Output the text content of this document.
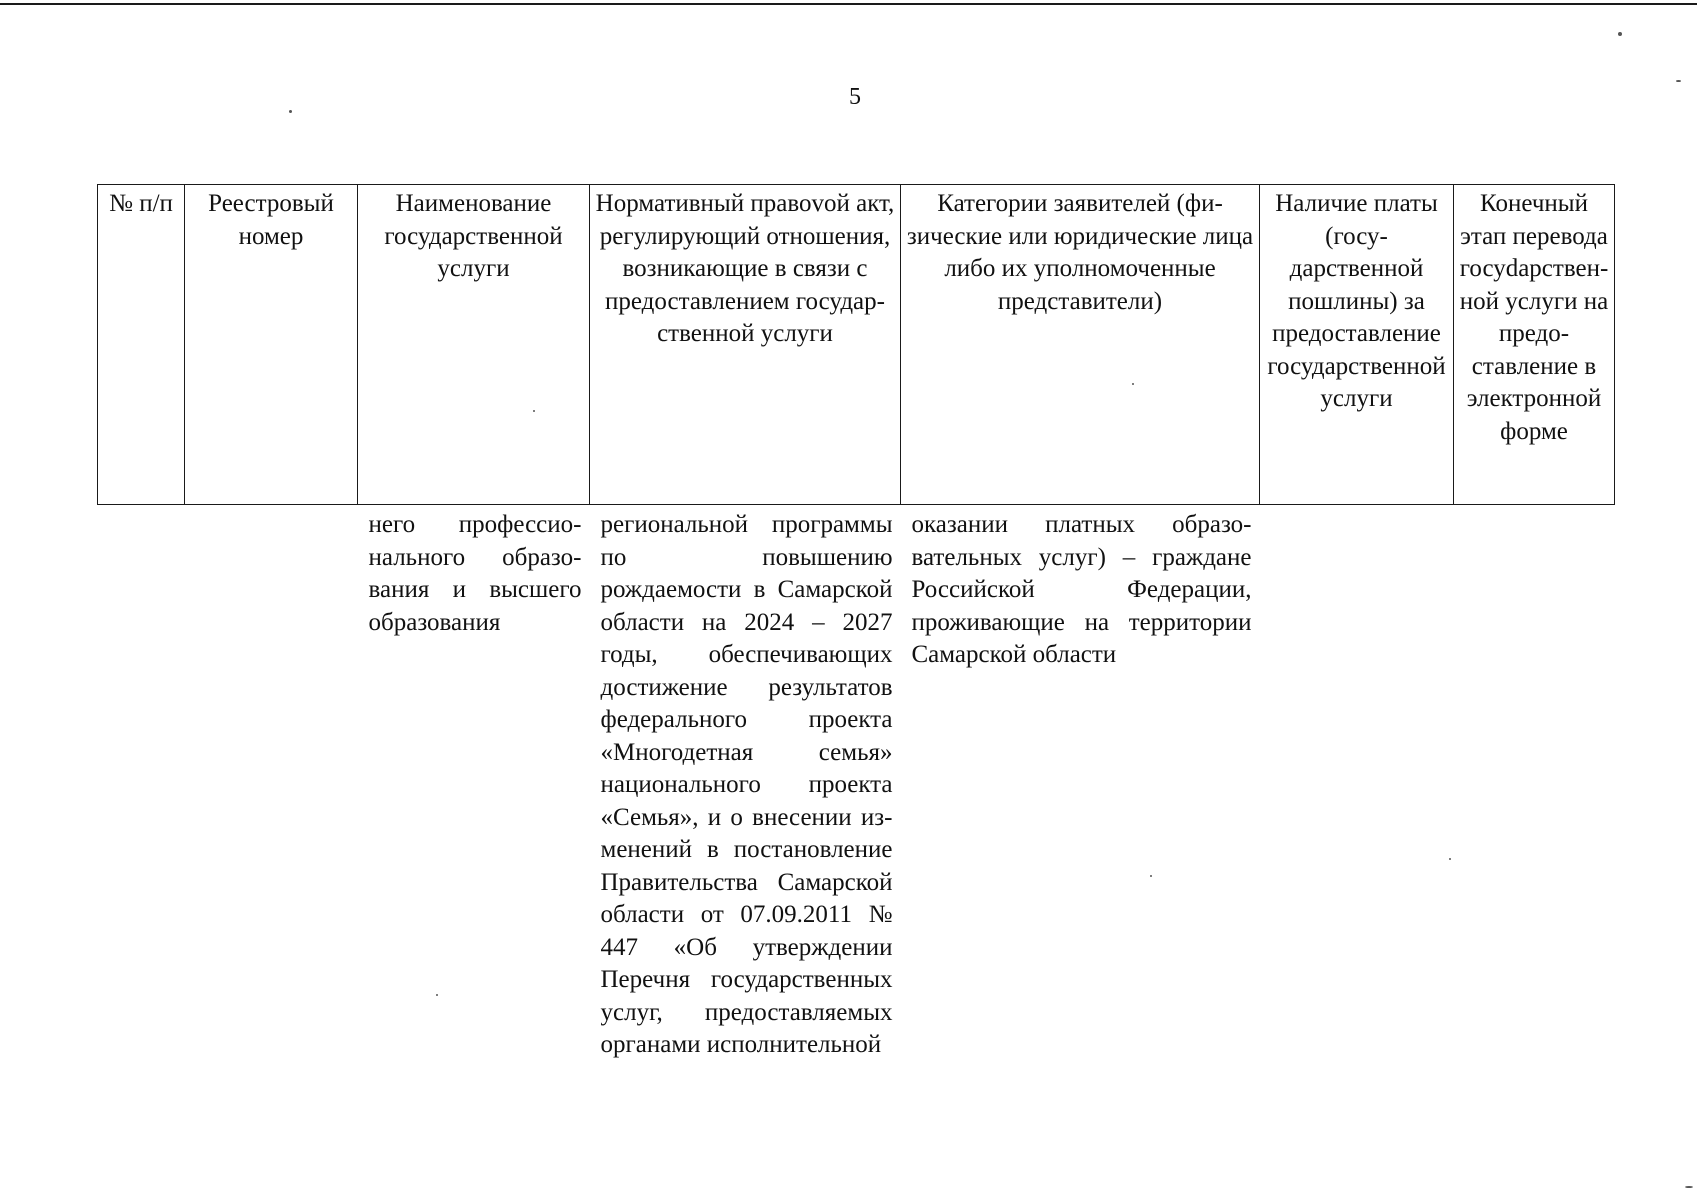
5
№ п/п	Реестровый номер	Наименование государственной услуги	Нормативный правоvой акт, регулирующий отношения, возникающие в связи с предоставлением государственной услуги	Категории заявителей (физические или юридические лица либо их уполномоченные представители)	Наличие платы (государственной пошлины) за предоставление государственной услуги	Конечный этап перевода госуdарственной услуги на предоставление в электронной форме
		него профессионального образования и высшего образования	региональной программы по повышению рождаемости в Самарской области на 2024 – 2027 годы, обеспечивающих достижение результатов федерального проекта «Многодетная семья» национального проекта «Семья», и о внесении изменений в постановление Правительства Самарской области от 07.09.2011 № 447 «Об утверждении Перечня государственных услуг, предоставляемых органами исполнительной	оказании платных образовательных услуг) – граждане Российской Федерации, проживающие на территории Самарской области		
